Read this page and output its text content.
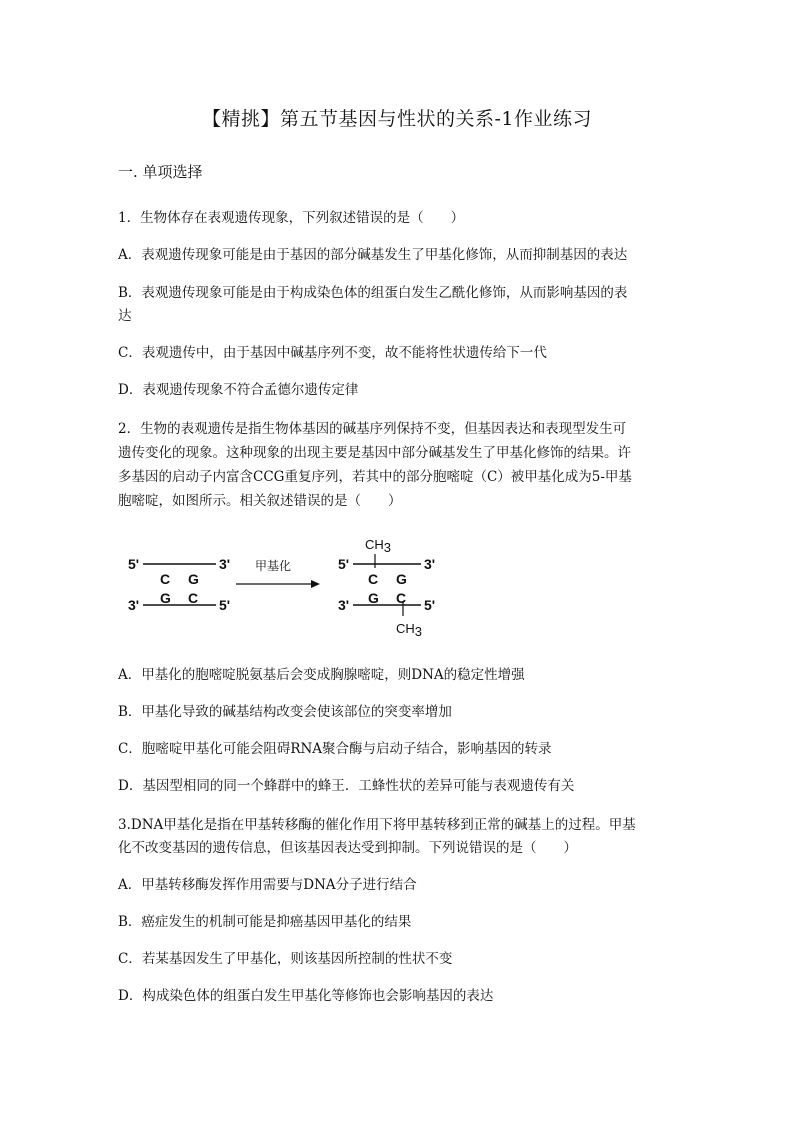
【精挑】第五节基因与性状的关系-1作业练习
一. 单项选择
1．生物体存在表观遗传现象，下列叙述错误的是（　　）
A．表观遗传现象可能是由于基因的部分碱基发生了甲基化修饰，从而抑制基因的表达
B．表观遗传现象可能是由于构成染色体的组蛋白发生乙酰化修饰，从而影响基因的表
达
C．表观遗传中，由于基因中碱基序列不变，故不能将性状遗传给下一代
D．表观遗传现象不符合孟德尔遗传定律
2．生物的表观遗传是指生物体基因的碱基序列保持不变，但基因表达和表现型发生可
遗传变化的现象。这种现象的出现主要是基因中部分碱基发生了甲基化修饰的结果。许
多基因的启动子内富含CCG重复序列，若其中的部分胞嘧啶（C）被甲基化成为5-甲基
胞嘧啶，如图所示。相关叙述错误的是（　　）
5'	3'
C G
G C
3'	5'
甲基化
CH3
5'	3'
C G
G C
3'	5'
CH3
A．甲基化的胞嘧啶脱氨基后会变成胸腺嘧啶，则DNA的稳定性增强
B．甲基化导致的碱基结构改变会使该部位的突变率增加
C．胞嘧啶甲基化可能会阻碍RNA聚合酶与启动子结合，影响基因的转录
D．基因型相同的同一个蜂群中的蜂王．工蜂性状的差异可能与表观遗传有关
3.DNA甲基化是指在甲基转移酶的催化作用下将甲基转移到正常的碱基上的过程。甲基
化不改变基因的遗传信息，但该基因表达受到抑制。下列说错误的是（　　）
A．甲基转移酶发挥作用需要与DNA分子进行结合
B．癌症发生的机制可能是抑癌基因甲基化的结果
C．若某基因发生了甲基化，则该基因所控制的性状不变
D．构成染色体的组蛋白发生甲基化等修饰也会影响基因的表达
